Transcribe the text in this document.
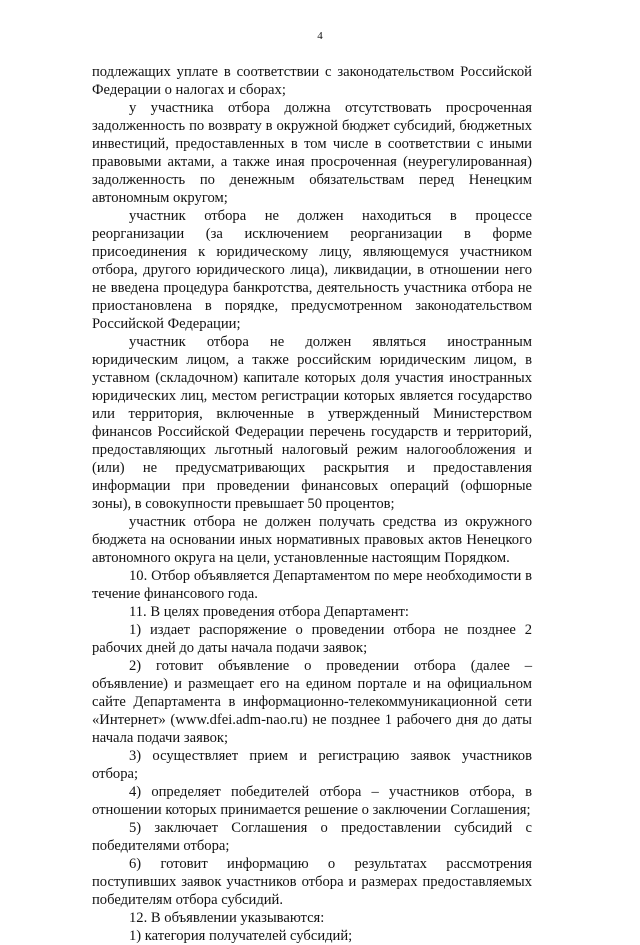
4

подлежащих уплате в соответствии с законодательством Российской Федерации о налогах и сборах;

у участника отбора должна отсутствовать просроченная задолженность по возврату в окружной бюджет субсидий, бюджетных инвестиций, предоставленных в том числе в соответствии с иными правовыми актами, а также иная просроченная (неурегулированная) задолженность по денежным обязательствам перед Ненецким автономным округом;

участник отбора не должен находиться в процессе реорганизации (за исключением реорганизации в форме присоединения к юридическому лицу, являющемуся участником отбора, другого юридического лица), ликвидации, в отношении него не введена процедура банкротства, деятельность участника отбора не приостановлена в порядке, предусмотренном законодательством Российской Федерации;

участник отбора не должен являться иностранным юридическим лицом, а также российским юридическим лицом, в уставном (складочном) капитале которых доля участия иностранных юридических лиц, местом регистрации которых является государство или территория, включенные в утвержденный Министерством финансов Российской Федерации перечень государств и территорий, предоставляющих льготный налоговый режим налогообложения и (или) не предусматривающих раскрытия и предоставления информации при проведении финансовых операций (офшорные зоны), в совокупности превышает 50 процентов;

участник отбора не должен получать средства из окружного бюджета на основании иных нормативных правовых актов Ненецкого автономного округа на цели, установленные настоящим Порядком.

10. Отбор объявляется Департаментом по мере необходимости в течение финансового года.

11. В целях проведения отбора Департамент:

1) издает распоряжение о проведении отбора не позднее 2 рабочих дней до даты начала подачи заявок;

2) готовит объявление о проведении отбора (далее – объявление) и размещает его на едином портале и на официальном сайте Департамента в информационно-телекоммуникационной сети «Интернет» (www.dfei.adm-nao.ru) не позднее 1 рабочего дня до даты начала подачи заявок;

3) осуществляет прием и регистрацию заявок участников отбора;

4) определяет победителей отбора – участников отбора, в отношении которых принимается решение о заключении Соглашения;

5) заключает Соглашения о предоставлении субсидий с победителями отбора;

6) готовит информацию о результатах рассмотрения поступивших заявок участников отбора и размерах предоставляемых победителям отбора субсидий.

12. В объявлении указываются:

1) категория получателей субсидий;
